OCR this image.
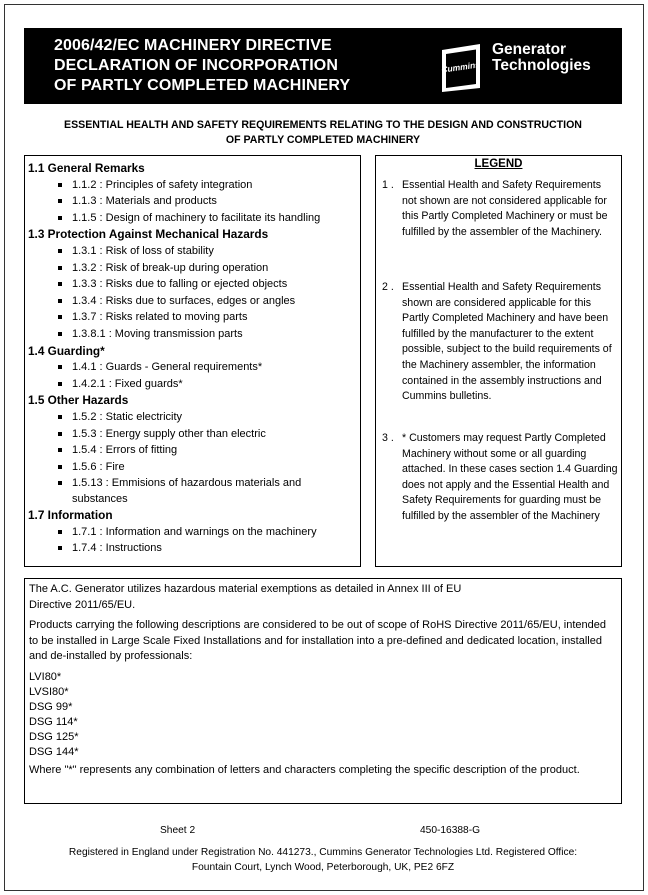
2006/42/EC MACHINERY DIRECTIVE
DECLARATION OF INCORPORATION
OF PARTLY COMPLETED MACHINERY
Cummins
Generator
Technologies
ESSENTIAL HEALTH AND SAFETY REQUIREMENTS RELATING TO THE DESIGN AND CONSTRUCTION
OF PARTLY COMPLETED MACHINERY
1.1 General Remarks
1.1.2 : Principles of safety integration
1.1.3 : Materials and products
1.1.5 : Design of machinery to facilitate its handling
1.3 Protection Against Mechanical Hazards
1.3.1 : Risk of loss of stability
1.3.2 : Risk of break-up during operation
1.3.3 : Risks due to falling or ejected objects
1.3.4 : Risks due to surfaces, edges or angles
1.3.7 : Risks related to moving parts
1.3.8.1 : Moving transmission parts
1.4 Guarding*
1.4.1 : Guards - General requirements*
1.4.2.1 : Fixed guards*
1.5 Other Hazards
1.5.2 : Static electricity
1.5.3 : Energy supply other than electric
1.5.4 : Errors of fitting
1.5.6 : Fire
1.5.13 : Emmisions of hazardous materials and substances
1.7 Information
1.7.1 : Information and warnings on the machinery
1.7.4 : Instructions
LEGEND
1 . Essential Health and Safety Requirements not shown are not considered applicable for this Partly Completed Machinery or must be fulfilled by the assembler of the Machinery.
2 . Essential Health and Safety Requirements shown are considered applicable for this Partly Completed Machinery and have been fulfilled by the manufacturer to the extent possible, subject to the build requirements of the Machinery assembler, the information contained in the assembly instructions and Cummins bulletins.
3 . * Customers may request Partly Completed Machinery without some or all guarding attached. In these cases section 1.4 Guarding does not apply and the Essential Health and Safety Requirements for guarding must be fulfilled by the assembler of the Machinery

The A.C. Generator utilizes hazardous material exemptions as detailed in Annex III of EU Directive 2011/65/EU.

Products carrying the following descriptions are considered to be out of scope of RoHS Directive 2011/65/EU, intended to be installed in Large Scale Fixed Installations and for installation into a pre-defined and dedicated location, installed and de-installed by professionals:

LVI80*
LVSI80*
DSG 99*
DSG 114*
DSG 125*
DSG 144*

Where "*" represents any combination of letters and characters completing the specific description of the product.

Sheet 2	450-16388-G
Registered in England under Registration No. 441273., Cummins Generator Technologies Ltd. Registered Office:
Fountain Court, Lynch Wood, Peterborough, UK, PE2 6FZ
